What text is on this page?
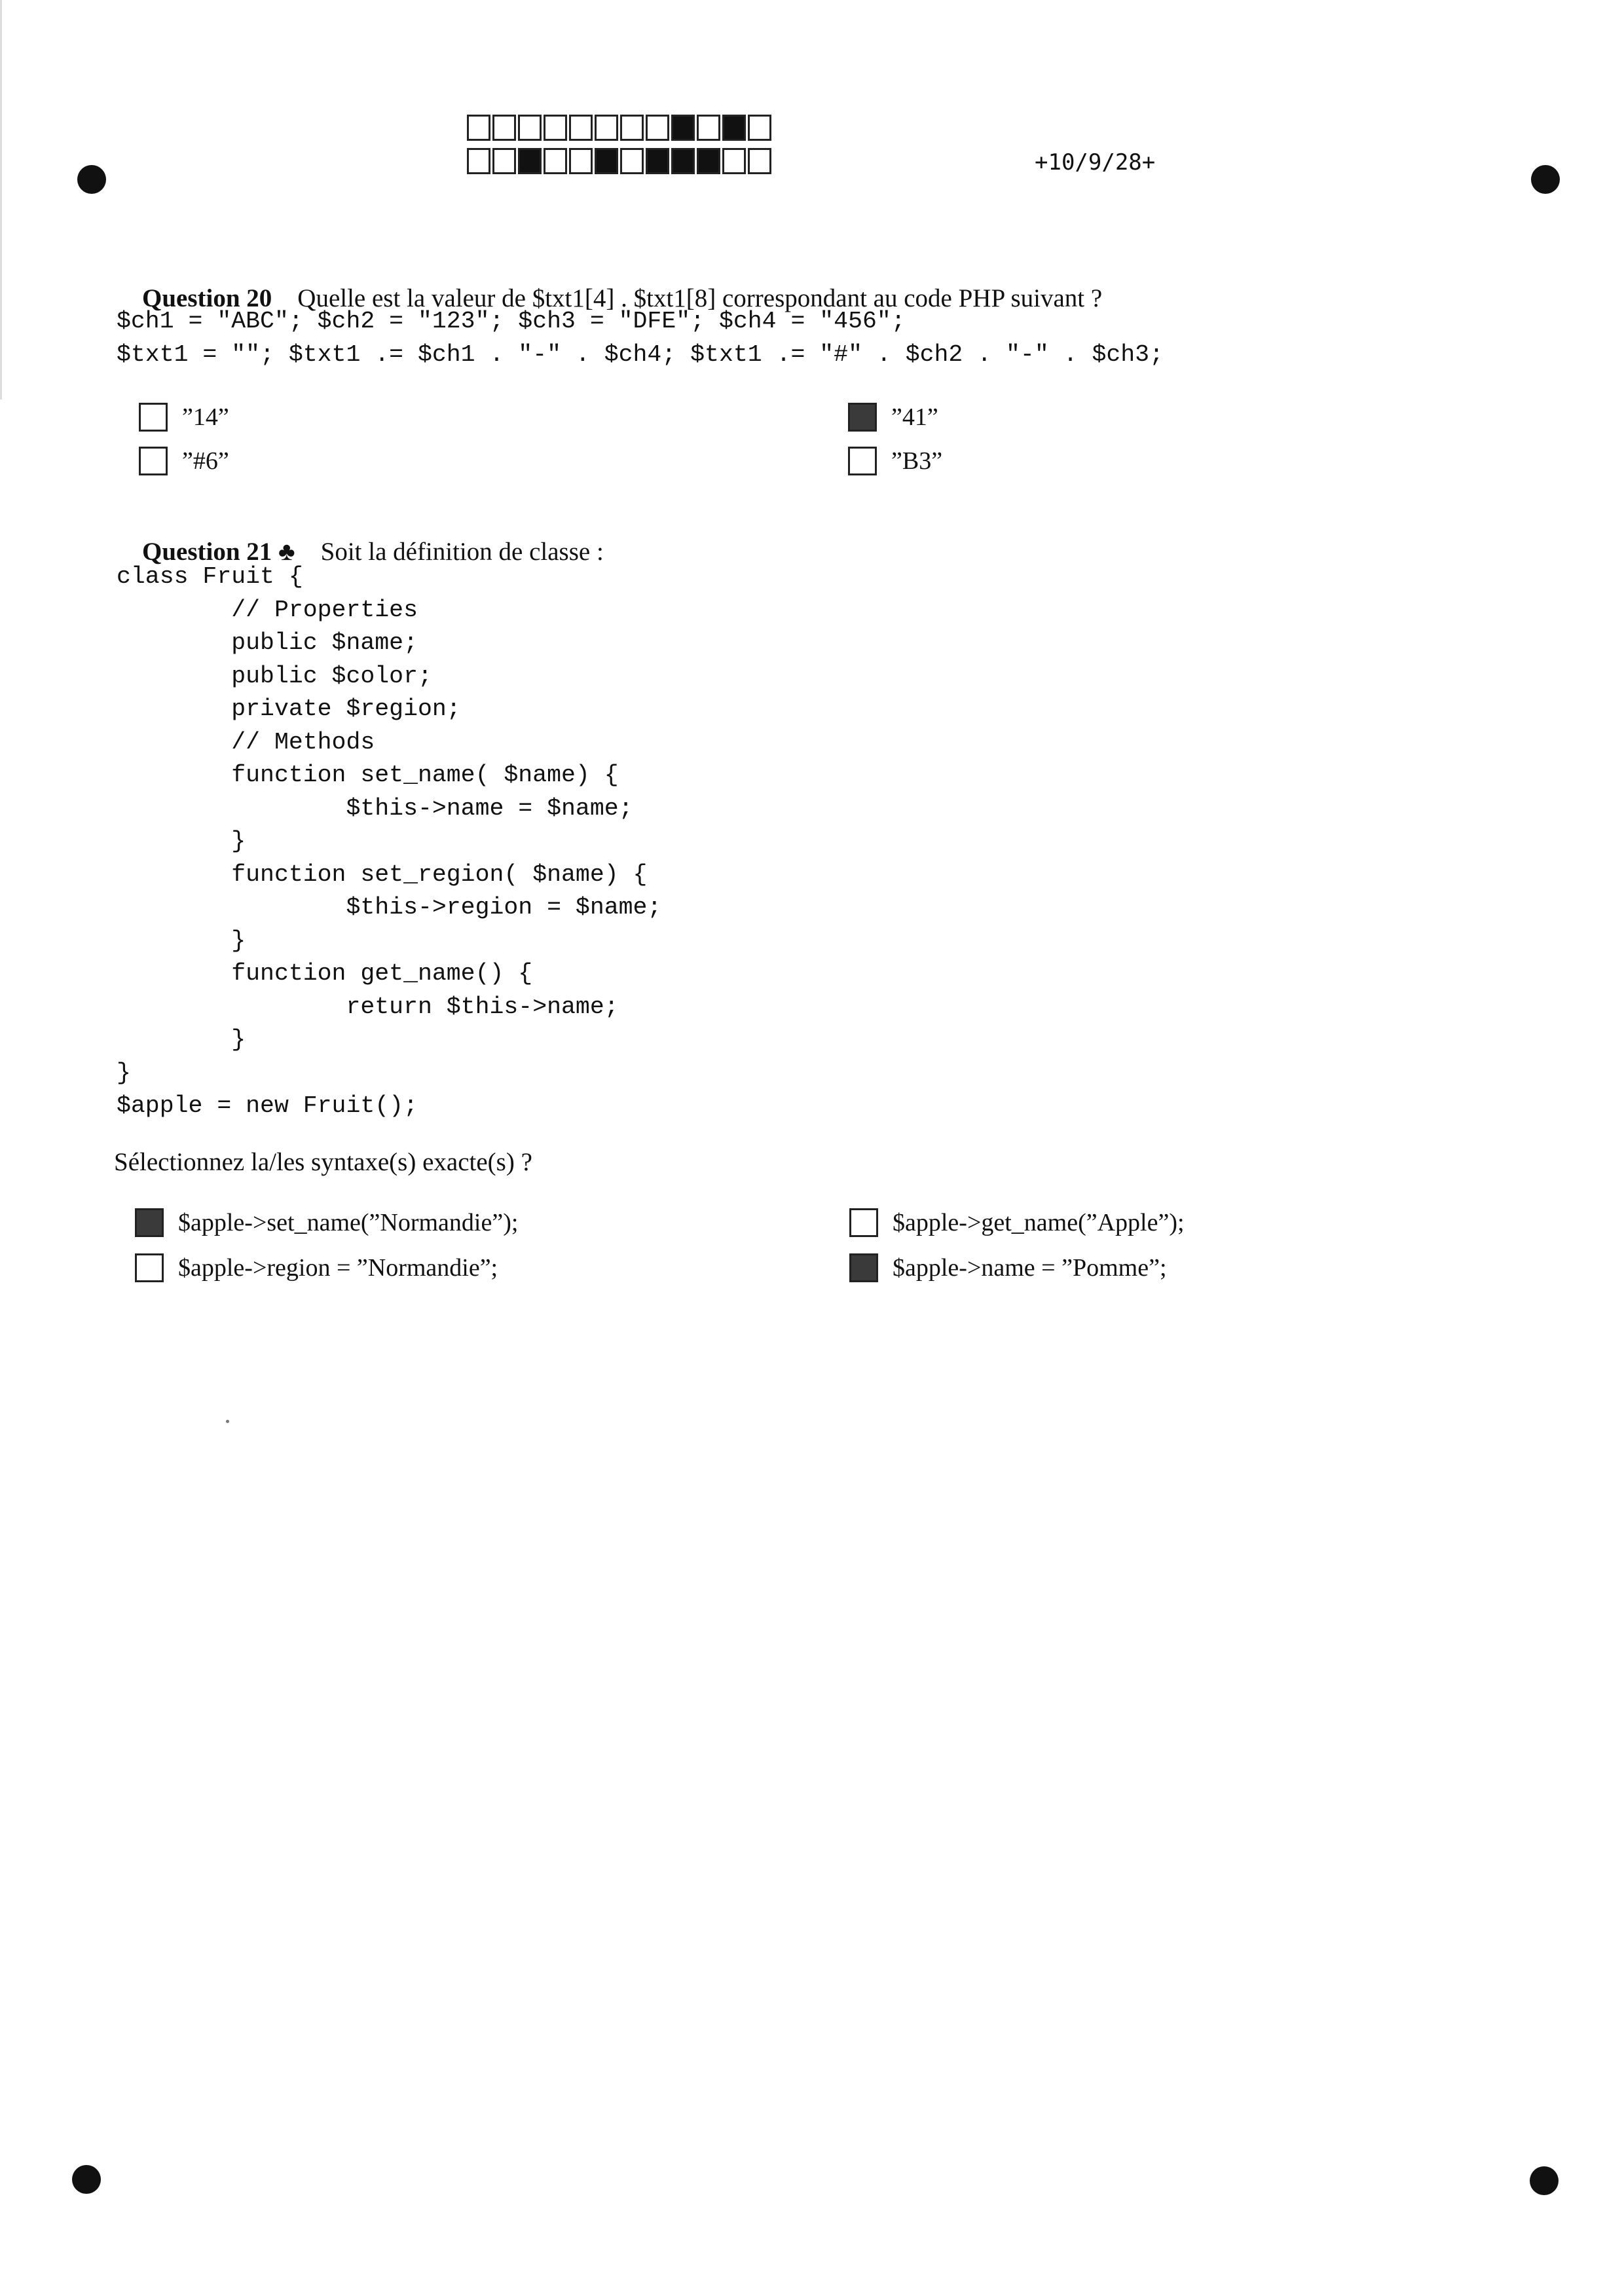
+10/9/28+

Question 20 Quelle est la valeur de $txt1[4] . $txt1[8] correspondant au code PHP suivant ?

$ch1 = "ABC"; $ch2 = "123"; $ch3 = "DFE"; $ch4 = "456";
$txt1 = ""; $txt1 .= $ch1 . "-" . $ch4; $txt1 .= "#" . $ch2 . "-" . $ch3;
”14”	”41”
”#6”	”B3”

Question 21 ♣ Soit la définition de classe :

class Fruit {
// Properties
public $name;
public $color;
private $region;
// Methods
function set_name( $name) {
$this->name = $name;
}
function set_region( $name) {
$this->region = $name;
}
function get_name() {
return $this->name;
}
}
$apple = new Fruit();
Sélectionnez la/les syntaxe(s) exacte(s) ?
$apple->set_name(”Normandie”);	$apple->get_name(”Apple”);
$apple->region = ”Normandie”;	$apple->name = ”Pomme”;
